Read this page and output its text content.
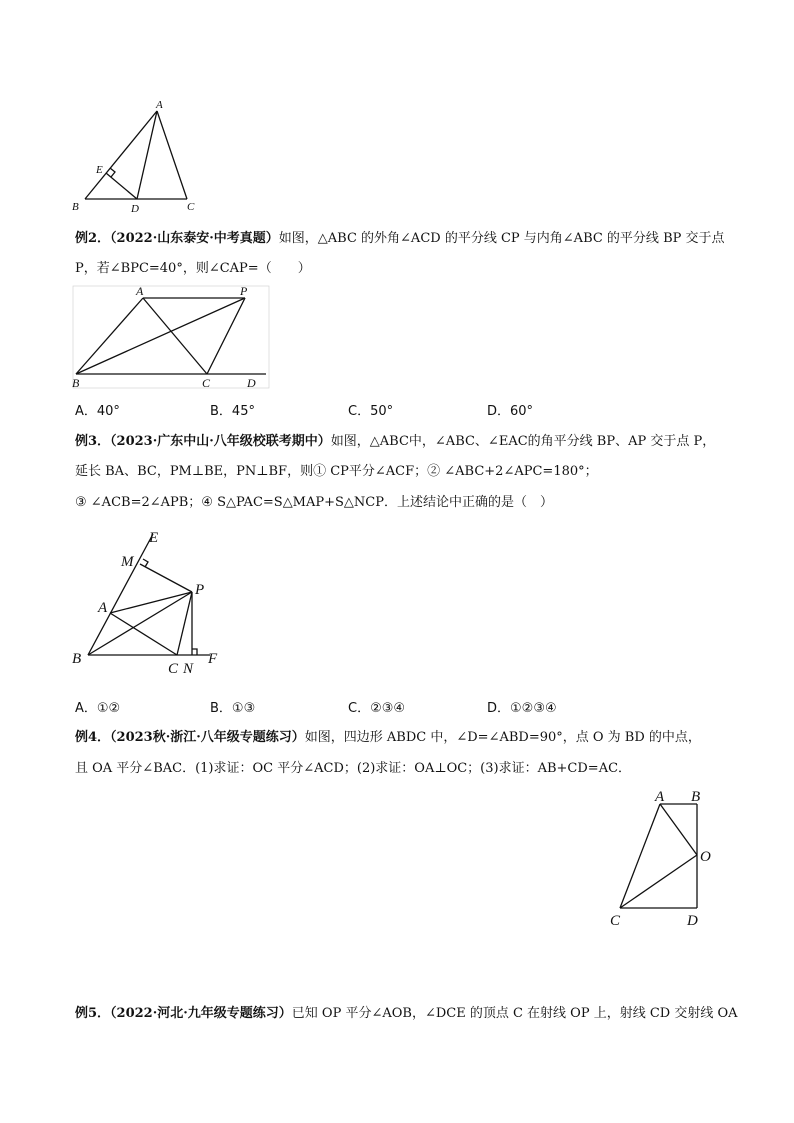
A
E
B	D	C
例2．（2022·山东泰安·中考真题）如图，△ABC 的外角∠ACD 的平分线 CP 与内角∠ABC 的平分线 BP 交于点
P，若∠BPC=40°，则∠CAP=（　　）
A	P
B	C	D
A．40°	B．45°	C．50°	D．60°
例3．（2023·广东中山·八年级校联考期中）如图，△ABC中，∠ABC、∠EAC的角平分线 BP、AP 交于点 P，
延长 BA、BC，PM⊥BE，PN⊥BF，则① CP平分∠ACF；② ∠ABC+2∠APC=180°；
③ ∠ACB=2∠APB；④ S△PAC=S△MAP+S△NCP．上述结论中正确的是（　）
E
M
P
A
B
C N
F
A．①②	B．①③	C．②③④	D．①②③④
例4．（2023秋·浙江·八年级专题练习）如图，四边形 ABDC 中，∠D=∠ABD=90°，点 O 为 BD 的中点，
且 OA 平分∠BAC．(1)求证：OC 平分∠ACD；(2)求证：OA⊥OC；(3)求证：AB+CD=AC．
A B
O
C	D
例5．（2022·河北·九年级专题练习）已知 OP 平分∠AOB，∠DCE 的顶点 C 在射线 OP 上，射线 CD 交射线 OA
